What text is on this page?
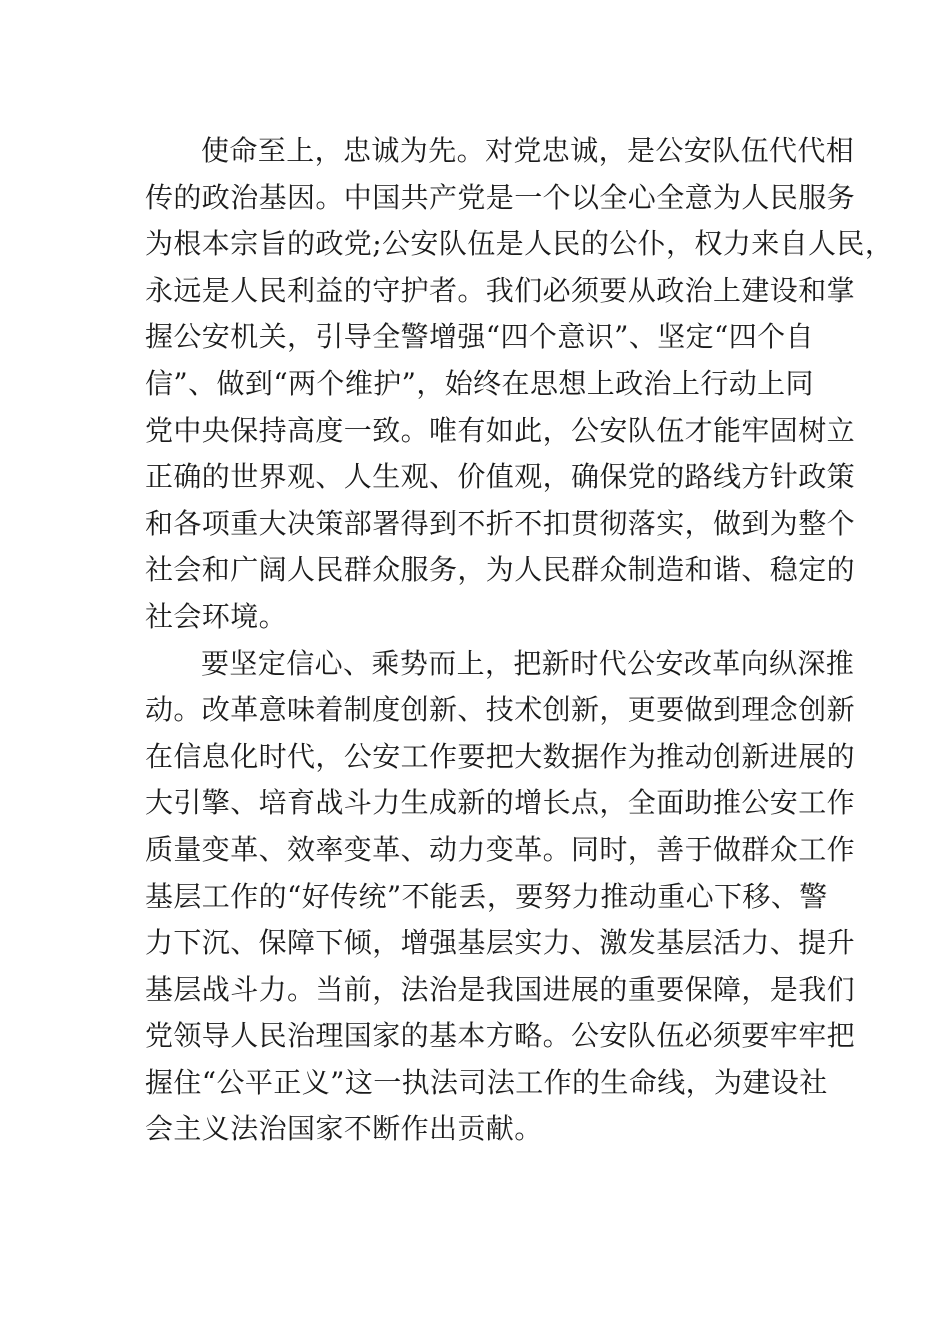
使命至上，忠诚为先。对党忠诚，是公安队伍代代相
传的政治基因。中国共产党是一个以全心全意为人民服务
为根本宗旨的政党;公安队伍是人民的公仆，权力来自人民，
永远是人民利益的守护者。我们必须要从政治上建设和掌
握公安机关，引导全警增强“四个意识”、坚定“四个自
信”、做到“两个维护”，始终在思想上政治上行动上同
党中央保持高度一致。唯有如此，公安队伍才能牢固树立
正确的世界观、人生观、价值观，确保党的路线方针政策
和各项重大决策部署得到不折不扣贯彻落实，做到为整个
社会和广阔人民群众服务，为人民群众制造和谐、稳定的
社会环境。

要坚定信心、乘势而上，把新时代公安改革向纵深推
动。改革意味着制度创新、技术创新，更要做到理念创新
在信息化时代，公安工作要把大数据作为推动创新进展的
大引擎、培育战斗力生成新的增长点，全面助推公安工作
质量变革、效率变革、动力变革。同时，善于做群众工作
基层工作的“好传统”不能丢，要努力推动重心下移、警
力下沉、保障下倾，增强基层实力、激发基层活力、提升
基层战斗力。当前，法治是我国进展的重要保障，是我们
党领导人民治理国家的基本方略。公安队伍必须要牢牢把
握住“公平正义”这一执法司法工作的生命线，为建设社
会主义法治国家不断作出贡献。
